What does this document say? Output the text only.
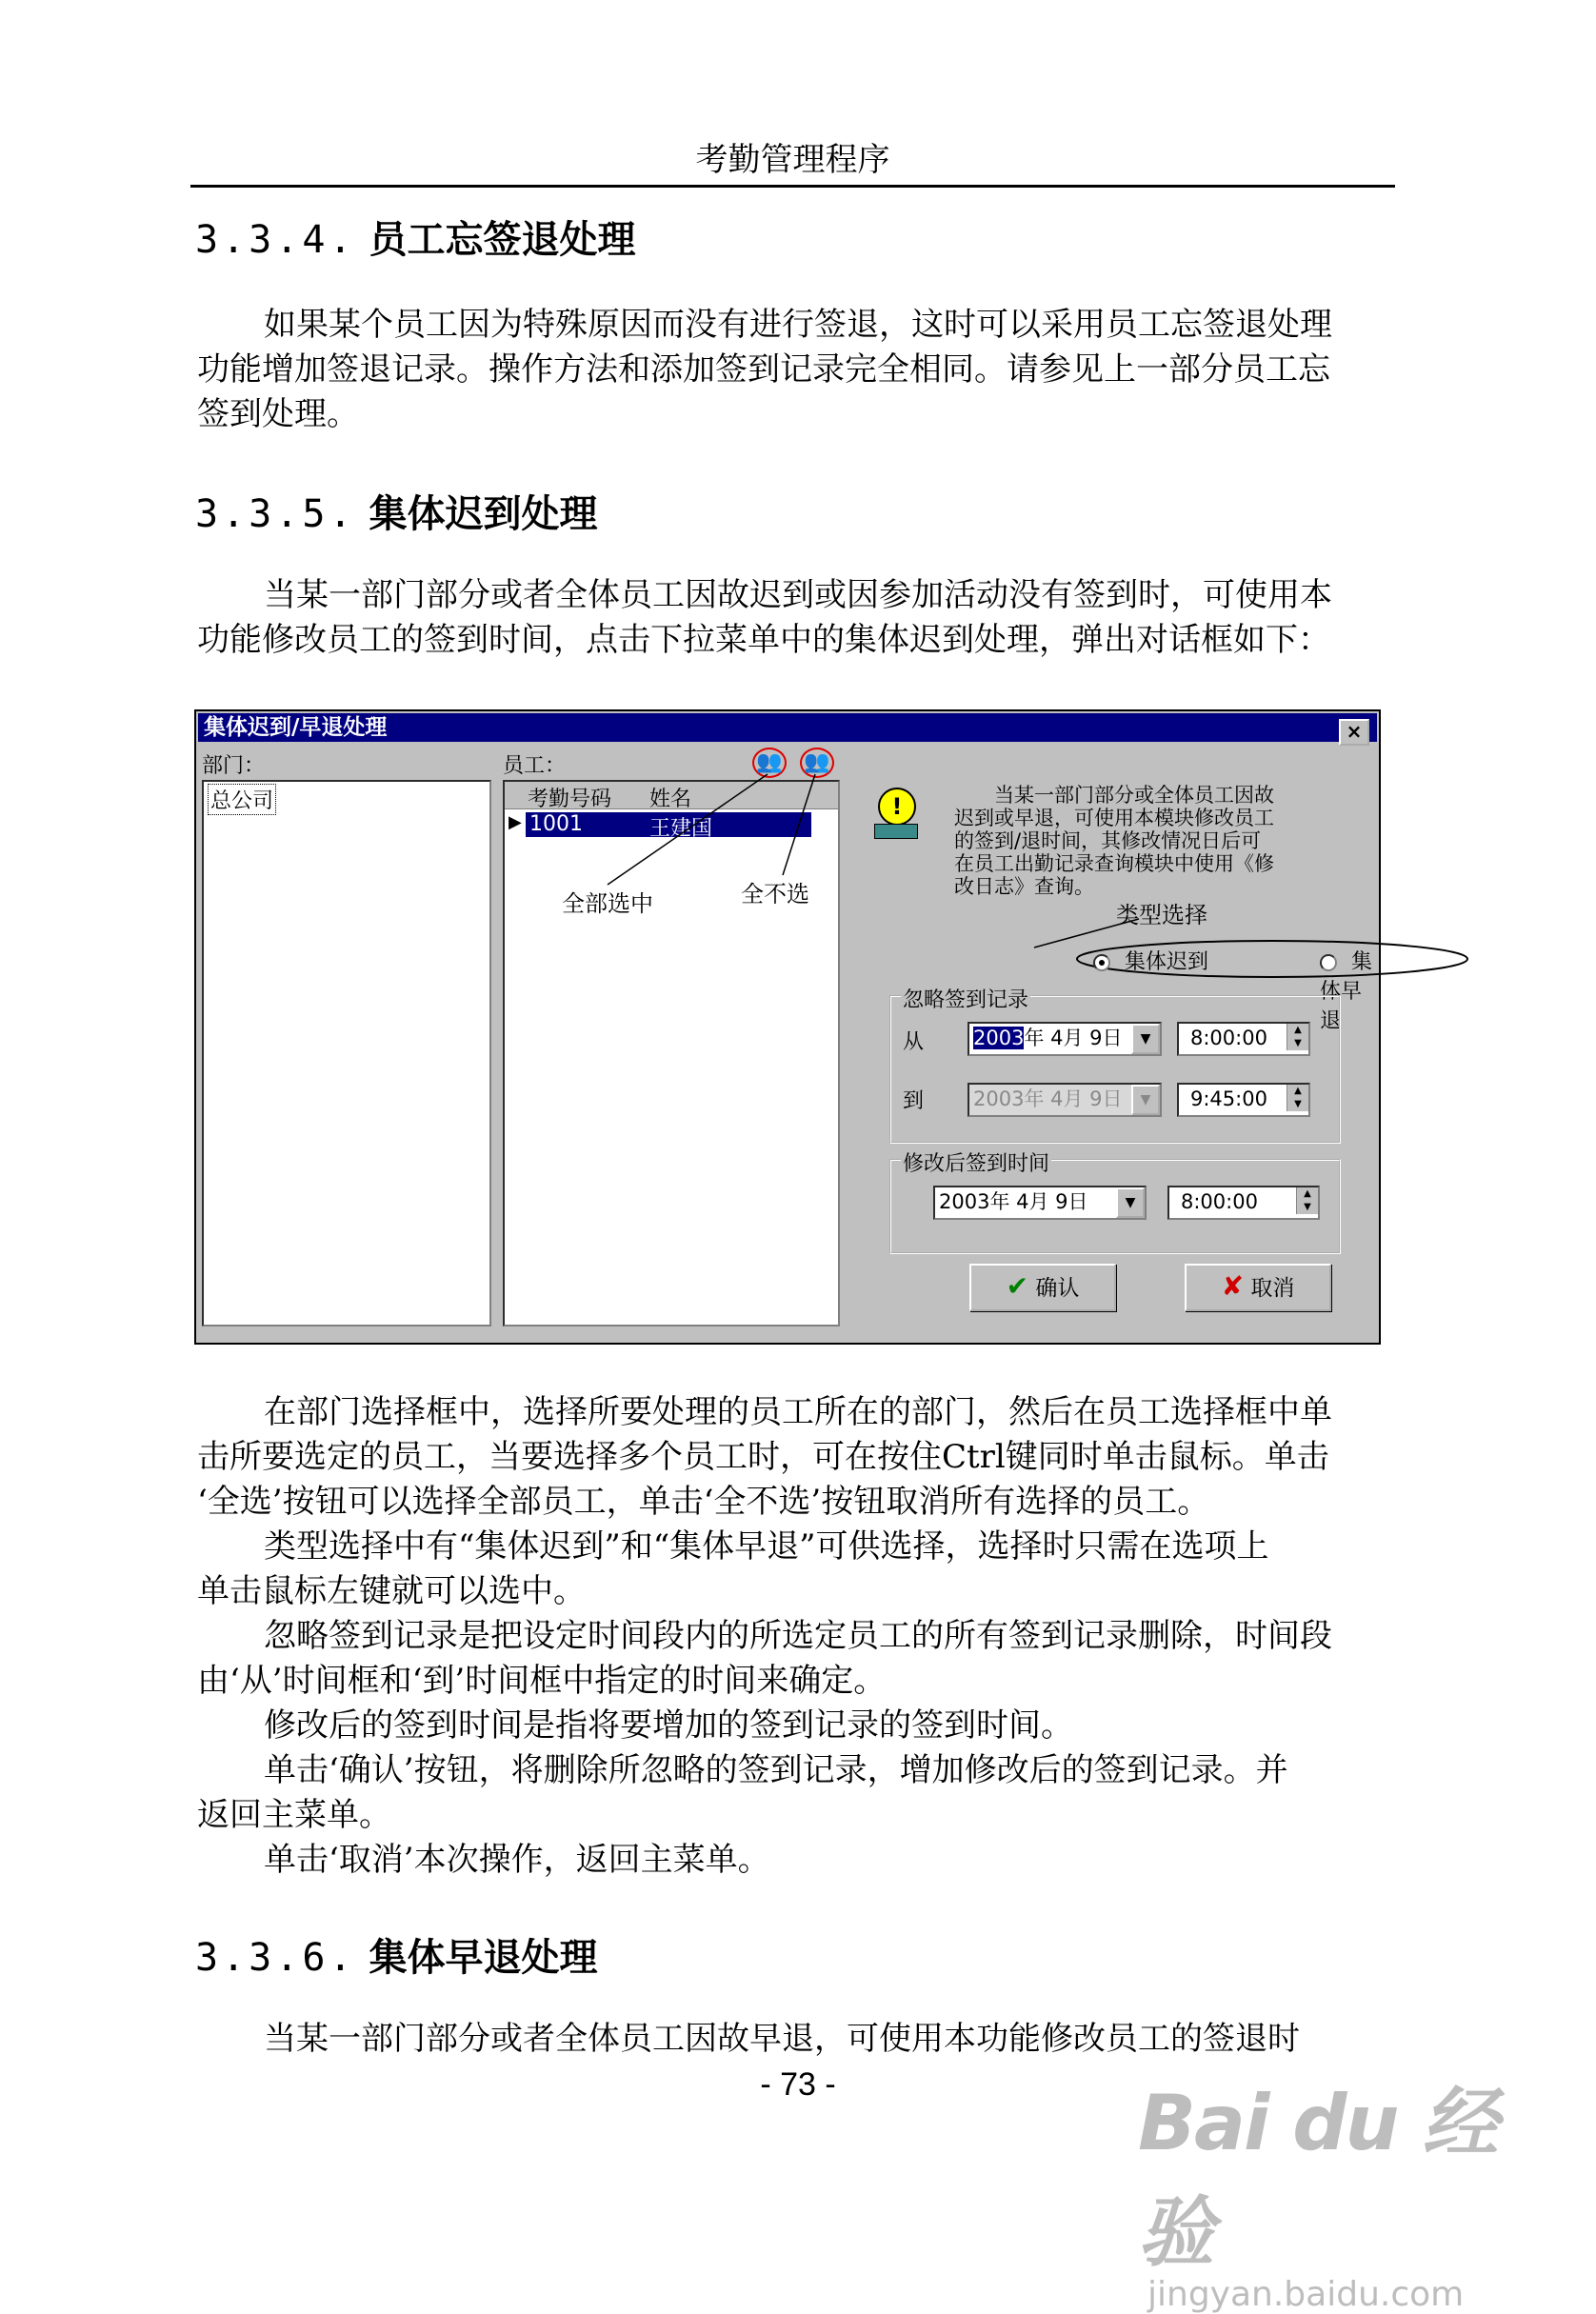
考勤管理程序
3.3.4. 员工忘签退处理

如果某个员工因为特殊原因而没有进行签退，这时可以采用员工忘签退处理

功能增加签退记录。操作方法和添加签到记录完全相同。请参见上一部分员工忘

签到处理。

3.3.5. 集体迟到处理

当某一部门部分或者全体员工因故迟到或因参加活动没有签到时，可使用本

功能修改员工的签到时间，点击下拉菜单中的集体迟到处理，弹出对话框如下：

集体迟到/早退处理	×
部门：
总公司
员工：	👥 👥
考勤号码 姓名
▶ 1001	王建国
全部选中	全不选
!	当某一部门部分或全体员工因故迟到或早退，可使用本模块修改员工的签到/退时间，其修改情况日后可在员工出勤记录查询模块中使用《修改日志》查询。
类型选择
集体迟到	集体早退
忽略签到记录
从 2003年 4月 9日	▼	8:00:00	▲
▼
到 2003年 4月 9日	▼	9:45:00	▲
▼
修改后签到时间
2003年 4月 9日	▼	8:00:00	▲
▼
✔ 确认	✘ 取消

在部门选择框中，选择所要处理的员工所在的部门，然后在员工选择框中单

击所要选定的员工，当要选择多个员工时，可在按住Ctrl键同时单击鼠标。单击

‘全选’按钮可以选择全部员工，单击‘全不选’按钮取消所有选择的员工。

类型选择中有“集体迟到”和“集体早退”可供选择，选择时只需在选项上

单击鼠标左键就可以选中。

忽略签到记录是把设定时间段内的所选定员工的所有签到记录删除，时间段

由‘从’时间框和‘到’时间框中指定的时间来确定。

修改后的签到时间是指将要增加的签到记录的签到时间。

单击‘确认’按钮，将删除所忽略的签到记录，增加修改后的签到记录。并

返回主菜单。

单击‘取消’本次操作，返回主菜单。

3.3.6. 集体早退处理

当某一部门部分或者全体员工因故早退，可使用本功能修改员工的签退时

- 73 -	Bai du 经验
jingyan.baidu.com
